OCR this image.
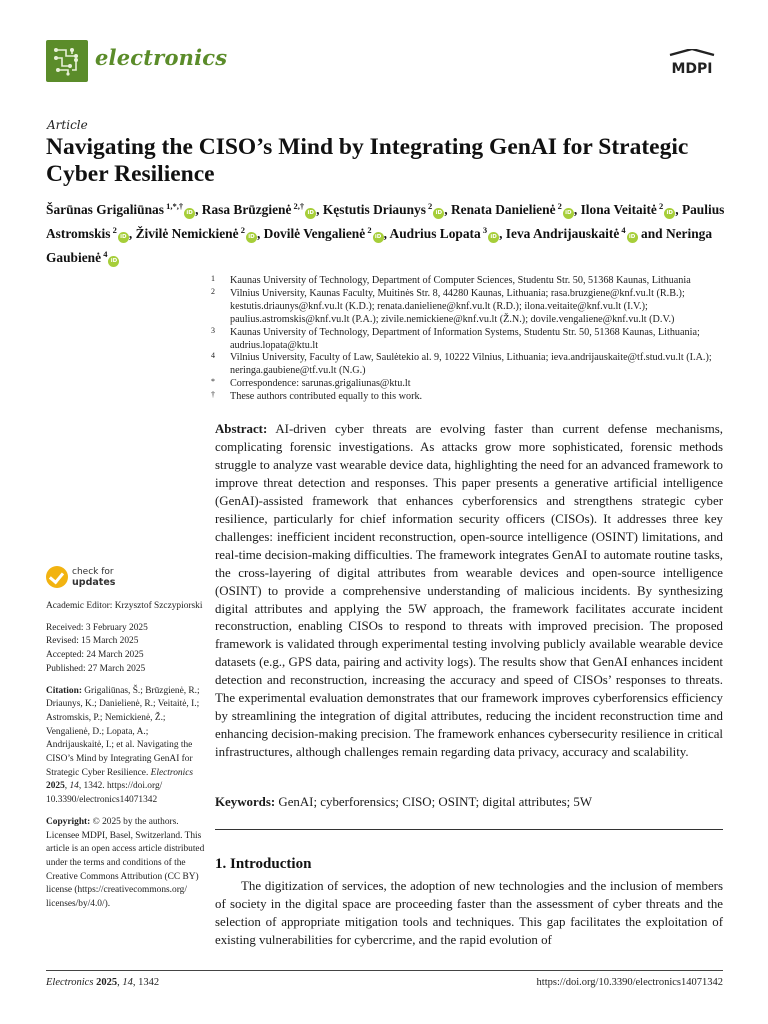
electronics	MDPI
Article
Navigating the CISO’s Mind by Integrating GenAI for Strategic Cyber Resilience
Šarūnas Grigaliūnas $^{1,*,\dagger}$iD , Rasa Brūzgienė $^{2,\dagger}$iD , Kęstutis Driaunys $^2$iD , Renata Danielienė $^2$iD , Ilona Veitaitė $^2$iD , Paulius Astromskis $^2$iD , Živilė Nemickienė $^2$iD , Dovilė Vengalienė $^2$iD , Audrius Lopata $^3$iD , Ieva Andrijauskaitė $^4$iD and Neringa Gaubienė $^4$iD
1	Kaunas University of Technology, Department of Computer Sciences, Studentu Str. 50, 51368 Kaunas, Lithuania
2	Vilnius University, Kaunas Faculty, Muitinės Str. 8, 44280 Kaunas, Lithuania; rasa.bruzgiene@knf.vu.lt (R.B.); kestutis.driaunys@knf.vu.lt (K.D.); renata.danieliene@knf.vu.lt (R.D.); ilona.veitaite@knf.vu.lt (I.V.); paulius.astromskis@knf.vu.lt (P.A.); zivile.nemickiene@knf.vu.lt (Ž.N.); dovile.vengaliene@knf.vu.lt (D.V.)
3	Kaunas University of Technology, Department of Information Systems, Studentu Str. 50, 51368 Kaunas, Lithuania; audrius.lopata@ktu.lt
4	Vilnius University, Faculty of Law, Saulėtekio al. 9, 10222 Vilnius, Lithuania; ieva.andrijauskaite@tf.stud.vu.lt (I.A.); neringa.gaubiene@tf.vu.lt (N.G.)
*	Correspondence: sarunas.grigaliunas@ktu.lt
†	These authors contributed equally to this work.
check for
updates

Academic Editor: Krzysztof Szczypiorski

Received: 3 February 2025

Revised: 15 March 2025

Accepted: 24 March 2025

Published: 27 March 2025

Citation: Grigaliūnas, Š.; Brūzgienė, R.; Driaunys, K.; Danielienė, R.; Veitaitė, I.; Astromskis, P.; Nemickienė, Ž.; Vengalienė, D.; Lopata, A.; Andrijauskaitė, I.; et al. Navigating the CISO’s Mind by Integrating GenAI for Strategic Cyber Resilience. Electronics 2025, 14, 1342. https://doi.org/ 10.3390/electronics14071342

Copyright: © 2025 by the authors. Licensee MDPI, Basel, Switzerland. This article is an open access article distributed under the terms and conditions of the Creative Commons Attribution (CC BY) license (https://creativecommons.org/ licenses/by/4.0/).

Abstract: AI-driven cyber threats are evolving faster than current defense mechanisms, complicating forensic investigations. As attacks grow more sophisticated, forensic methods struggle to analyze vast wearable device data, highlighting the need for an advanced framework to improve threat detection and responses. This paper presents a generative artificial intelligence (GenAI)-assisted framework that enhances cyberforensics and strengthens strategic cyber resilience, particularly for chief information security officers (CISOs). It addresses three key challenges: inefficient incident reconstruction, open-source intelligence (OSINT) limitations, and real-time decision-making difficulties. The framework integrates GenAI to automate routine tasks, the cross-layering of digital attributes from wearable devices and open-source intelligence (OSINT) to provide a comprehensive understanding of malicious incidents. By synthesizing digital attributes and applying the 5W approach, the framework facilitates accurate incident reconstruction, enabling CISOs to respond to threats with improved precision. The proposed framework is validated through experimental testing involving publicly available wearable device datasets (e.g., GPS data, pairing and activity logs). The results show that GenAI enhances incident detection and reconstruction, increasing the accuracy and speed of CISOs’ responses to threats. The experimental evaluation demonstrates that our framework improves cyberforensics efficiency by streamlining the integration of digital attributes, reducing the incident reconstruction time and enhancing decision-making precision. The framework enhances cybersecurity resilience in critical infrastructures, although challenges remain regarding data privacy, accuracy and scalability.
Keywords: GenAI; cyberforensics; CISO; OSINT; digital attributes; 5W
1. Introduction
The digitization of services, the adoption of new technologies and the inclusion of members of society in the digital space are proceeding faster than the assessment of cyber threats and the selection of appropriate mitigation tools and techniques. This gap facilitates the exploitation of existing vulnerabilities for cybercrime, and the rapid evolution of
Electronics 2025, 14, 1342	https://doi.org/10.3390/electronics14071342
